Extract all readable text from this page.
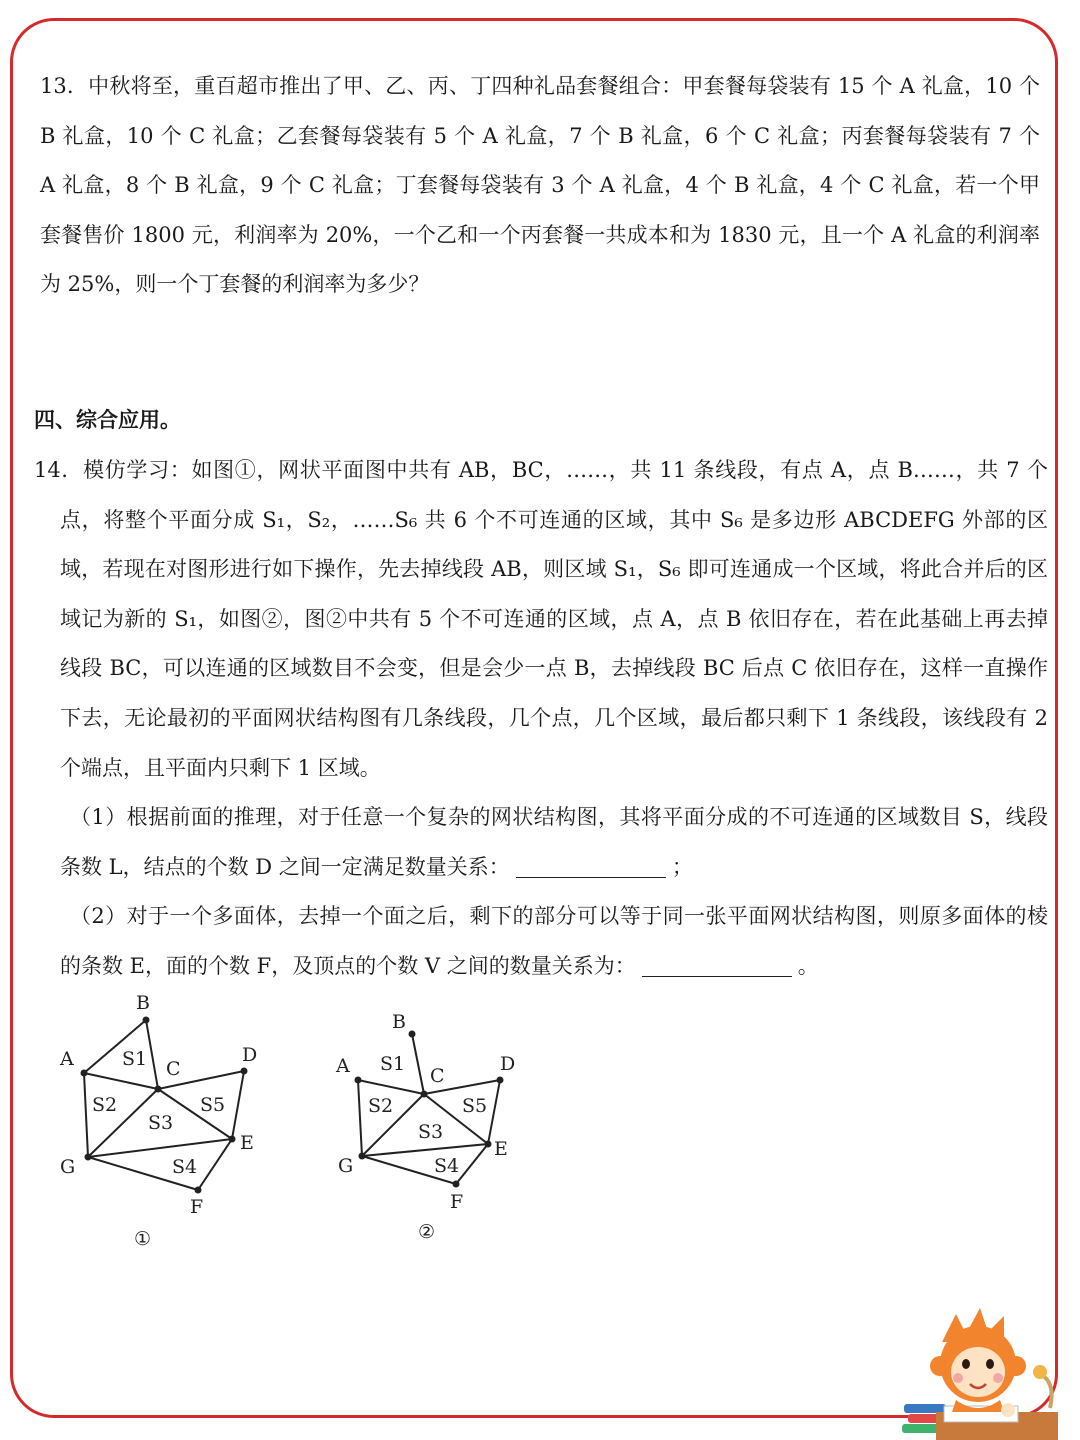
13．中秋将至，重百超市推出了甲、乙、丙、丁四种礼品套餐组合：甲套餐每袋装有 15 个 A 礼盒，10 个 B 礼盒，10 个 C 礼盒；乙套餐每袋装有 5 个 A 礼盒，7 个 B 礼盒，6 个 C 礼盒；丙套餐每袋装有 7 个 A 礼盒，8 个 B 礼盒，9 个 C 礼盒；丁套餐每袋装有 3 个 A 礼盒，4 个 B 礼盒，4 个 C 礼盒，若一个甲套餐售价 1800 元，利润率为 20%，一个乙和一个丙套餐一共成本和为 1830 元，且一个 A 礼盒的利润率为 25%，则一个丁套餐的利润率为多少？
四、综合应用。

14．模仿学习：如图①，网状平面图中共有 AB，BC，……，共 11 条线段，有点 A，点 B……，共 7 个点，将整个平面分成 S₁，S₂，……S₆ 共 6 个不可连通的区域，其中 S₆ 是多边形 ABCDEFG 外部的区域，若现在对图形进行如下操作，先去掉线段 AB，则区域 S₁，S₆ 即可连通成一个区域，将此合并后的区域记为新的 S₁，如图②，图②中共有 5 个不可连通的区域，点 A，点 B 依旧存在，若在此基础上再去掉线段 BC，可以连通的区域数目不会变，但是会少一点 B，去掉线段 BC 后点 C 依旧存在，这样一直操作下去，无论最初的平面网状结构图有几条线段，几个点，几个区域，最后都只剩下 1 条线段，该线段有 2 个端点，且平面内只剩下 1 区域。

（1）根据前面的推理，对于任意一个复杂的网状结构图，其将平面分成的不可连通的区域数目 S，线段条数 L，结点的个数 D 之间一定满足数量关系：	；

（2）对于一个多面体，去掉一个面之后，剩下的部分可以等于同一张平面网状结构图，则原多面体的棱的条数 E，面的个数 F，及顶点的个数 V 之间的数量关系为：	。

A
B
C
D
E
F
G
S1
S2
S3
S4
S5
①
A
B
C
D
E
F
G
S1
S2
S3
S4
S5
②
